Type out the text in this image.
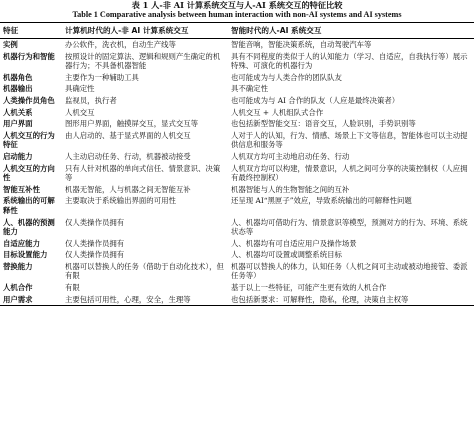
表 1 人-非 AI 计算系统交互与人-AI 系统交互的特征比较
Table 1 Comparative analysis between human interaction with non-AI systems and AI systems
特征	计算机时代的人-非 AI 计算系统交互	智能时代的人-AI 系统交互
实例	办公软件，洗衣机，自动生产线等	智能音响，智能决策系统，自动驾驶汽车等
机器行为和智能	按照设计的固定算法、逻辑和规则产生确定的机器行为；不具备机器智能	具有不同程度的类似于人的认知能力（学习、自适应，自我执行等）展示特殊、可演化的机器行为
机器角色	主要作为一种辅助工具	也可能成为与人类合作的团队队友
机器输出	具确定性	具不确定性
人类操作员角色	监视员，执行者	也可能成为与 AI 合作的队友（人应是最终决策者）
人机关系	人机交互	人机交互 + 人机组队式合作
用户界面	图形用户界面，触摸屏交互，显式交互等	也包括新型智能交互：语音交互，人脸识别，手势识别等
人机交互的行为特征	由人启动的、基于显式界面的人机交互	人对于人的认知，行为、情感、场景上下文等信息，智能体也可以主动提供信息和服务等
启动能力	人主动启动任务、行动，机器被动接受	人机双方均可主动地启动任务、行动
人机交互的方向性	只有人针对机器的单向式信任、情景意识、决策等	人机双方均可以构建，情景意识，人机之间可分享的决策控制权（人应拥有最终控制权）
智能互补性	机器无智能，人与机器之间无智能互补	机器智能与人的生物智能之间的互补
系统输出的可解释性	主要取决于系统输出界面的可用性	还呈现 AI“黑匣子”效应，导致系统输出的可解释性问题
人、机器的预测能力	仅人类操作员拥有	人、机器均可借助行为、情景意识等模型，预测对方的行为、环境、系统状态等
自适应能力	仅人类操作员拥有	人、机器均有可自适应用户及操作场景
目标设置能力	仅人类操作员拥有	人、机器均可设置或调整系统目标
替换能力	机器可以替换人的任务（借助于自动化技术），但有限	机器可以替换人的体力，认知任务（人机之间可主动或被动地接管、委派任务等）
人机合作	有限	基于以上一些特征，可能产生更有效的人机合作
用户需求	主要包括可用性，心理，安全，生理等	也包括新要求：可解释性，隐私，伦理，决策自主权等
